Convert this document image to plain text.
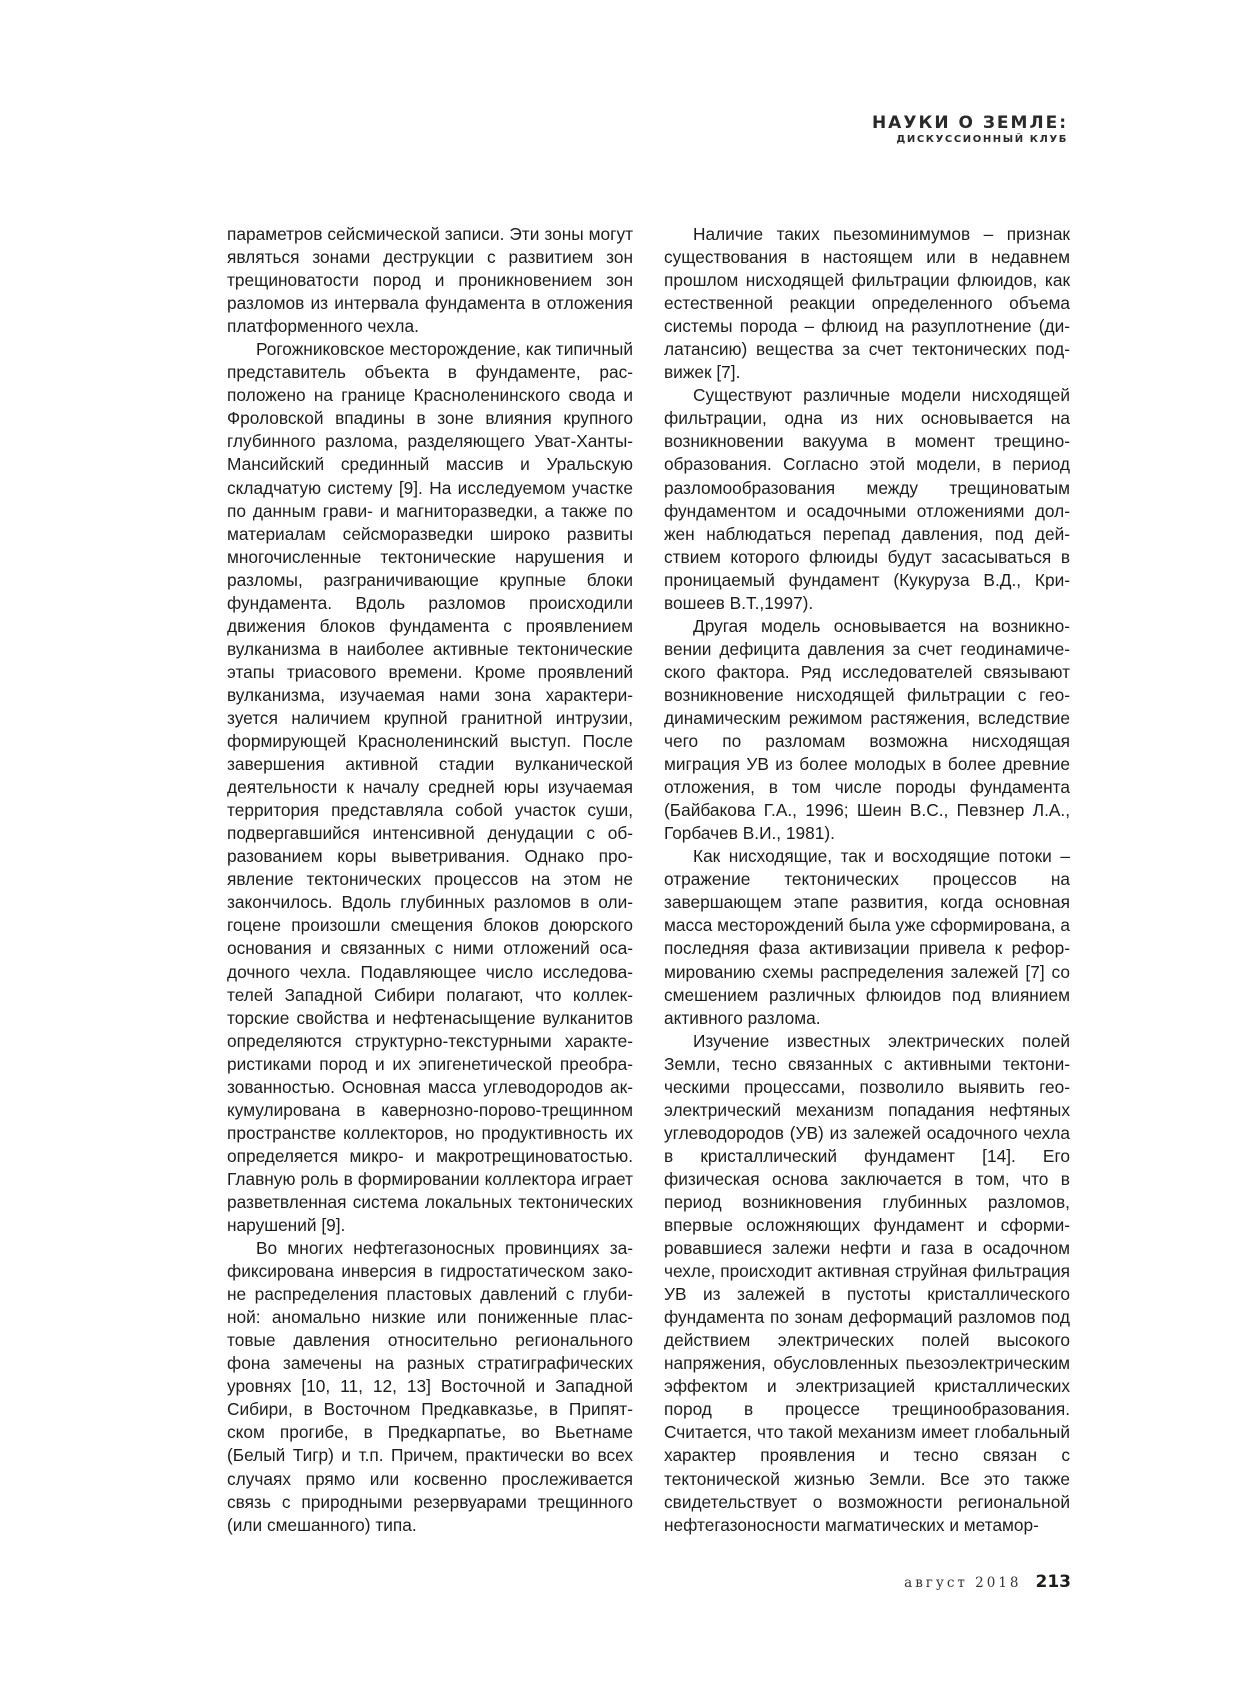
НАУКИ О ЗЕМЛЕ:
ДИСКУССИОННЫЙ КЛУБ

параметров сейсмической записи. Эти зоны могут являться зонами деструкции с развитием зон трещиноватости пород и проникновением зон разломов из интервала фундамента в отложения платформенного чехла.

Рогожниковское месторождение, как типичный представитель объекта в фундаменте, расположено на границе Красноленинского свода и Фроловской впадины в зоне влияния крупного глубинного разлома, разделяющего Уват-Ханты-Мансийский срединный массив и Уральскую складчатую систему [9]. На исследуемом участке по данным грави- и магниторазведки, а также по материалам сейсморазведки широко развиты многочисленные тектонические нарушения и разломы, разграничивающие крупные блоки фундамента. Вдоль разломов происходили движения блоков фундамента с проявлением вулканизма в наиболее активные тектонические этапы триасового времени. Кроме проявлений вулканизма, изучаемая нами зона характеризуется наличием крупной гранитной интрузии, формирующей Красноленинский выступ. После завершения активной стадии вулканической деятельности к началу средней юры изучаемая территория представляла собой участок суши, подвергавшийся интенсивной денудации с образованием коры выветривания. Однако проявление тектонических процессов на этом не закончилось. Вдоль глубинных разломов в олигоцене произошли смещения блоков доюрского основания и связанных с ними отложений осадочного чехла. Подавляющее число исследователей Западной Сибири полагают, что коллекторские свойства и нефтенасыщение вулканитов определяются структурно-текстурными характеристиками пород и их эпигенетической преобразованностью. Основная масса углеводородов аккумулирована в кавернозно-порово-трещинном пространстве коллекторов, но продуктивность их определяется микро- и макротрещиноватостью. Главную роль в формировании коллектора играет разветвленная система локальных тектонических нарушений [9].

Во многих нефтегазоносных провинциях зафиксирована инверсия в гидростатическом законе распределения пластовых давлений с глубиной: аномально низкие или пониженные пластовые давления относительно регионального фона замечены на разных стратиграфических уровнях [10, 11, 12, 13] Восточной и Западной Сибири, в Восточном Предкавказье, в Припятском прогибе, в Предкарпатье, во Вьетнаме (Белый Тигр) и т.п. Причем, практически во всех случаях прямо или косвенно прослеживается связь с природными резервуарами трещинного (или смешанного) типа.

Наличие таких пьезоминимумов – признак существования в настоящем или в недавнем прошлом нисходящей фильтрации флюидов, как естественной реакции определенного объема системы порода – флюид на разуплотнение (дилатансию) вещества за счет тектонических подвижек [7].

Существуют различные модели нисходящей фильтрации, одна из них основывается на возникновении вакуума в момент трещинообразования. Согласно этой модели, в период разломообразования между трещиноватым фундаментом и осадочными отложениями должен наблюдаться перепад давления, под действием которого флюиды будут засасываться в проницаемый фундамент (Кукуруза В.Д., Кривошеев В.Т.,1997).

Другая модель основывается на возникновении дефицита давления за счет геодинамического фактора. Ряд исследователей связывают возникновение нисходящей фильтрации с геодинамическим режимом растяжения, вследствие чего по разломам возможна нисходящая миграция УВ из более молодых в более древние отложения, в том числе породы фундамента (Байбакова Г.А., 1996; Шеин В.С., Певзнер Л.А., Горбачев В.И., 1981).

Как нисходящие, так и восходящие потоки – отражение тектонических процессов на завершающем этапе развития, когда основная масса месторождений была уже сформирована, а последняя фаза активизации привела к реформированию схемы распределения залежей [7] со смешением различных флюидов под влиянием активного разлома.

Изучение известных электрических полей Земли, тесно связанных с активными тектоническими процессами, позволило выявить геоэлектрический механизм попадания нефтяных углеводородов (УВ) из залежей осадочного чехла в кристаллический фундамент [14]. Его физическая основа заключается в том, что в период возникновения глубинных разломов, впервые осложняющих фундамент и сформировавшиеся залежи нефти и газа в осадочном чехле, происходит активная струйная фильтрация УВ из залежей в пустоты кристаллического фундамента по зонам деформаций разломов под действием электрических полей высокого напряжения, обусловленных пьезоэлектрическим эффектом и электризацией кристаллических пород в процессе трещинообразования. Считается, что такой механизм имеет глобальный характер проявления и тесно связан с тектонической жизнью Земли. Все это также свидетельствует о возможности региональной нефтегазоносности магматических и метамор-

август 2018 213
